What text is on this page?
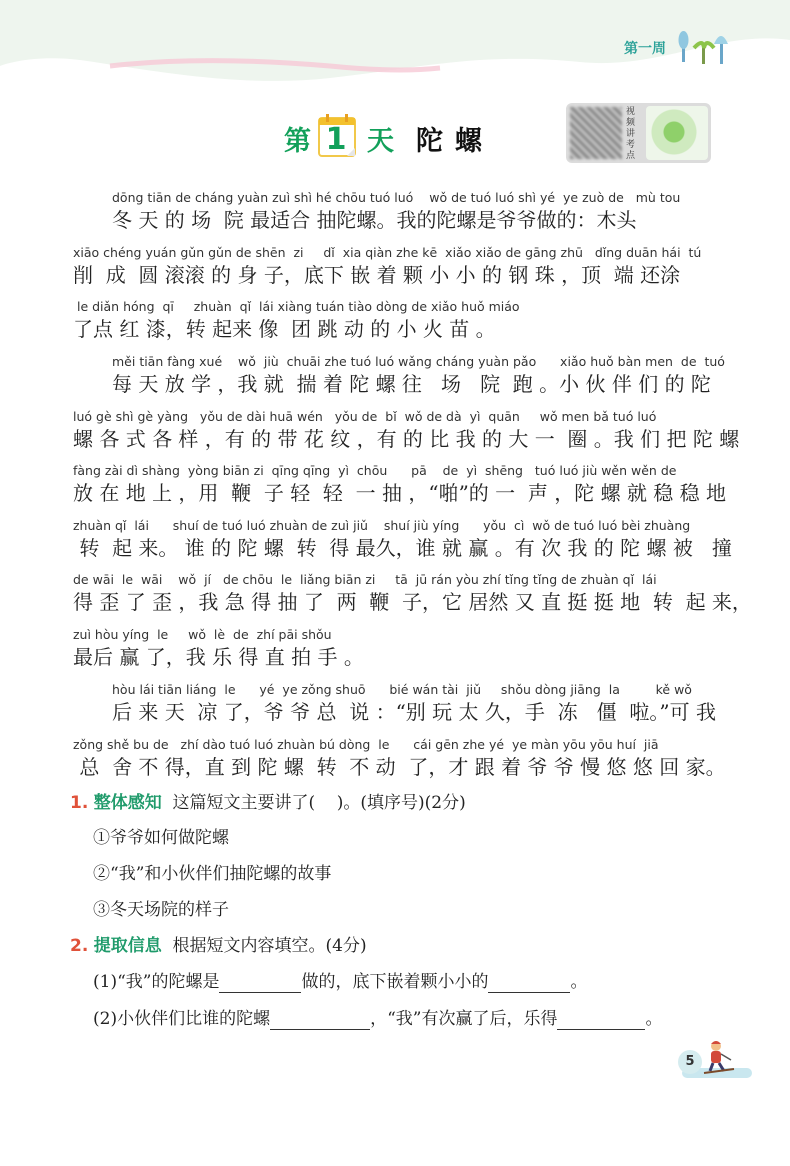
第一周
第 1 天 陀螺
视频讲考点
dōng tiān de cháng yuàn zuì shì hé chōu tuó luó    wǒ de tuó luó shì yé  ye zuò de   mù tou
冬 天 的 场  院 最适合 抽陀螺。我的陀螺是爷爷做的：木头
xiāo chéng yuán gǔn gǔn de shēn  zi     dǐ  xia qiàn zhe kē  xiǎo xiǎo de gāng zhū   dǐng duān hái  tú
削  成  圆 滚滚 的 身 子，底下 嵌 着 颗 小 小 的 钢 珠 ，顶  端 还涂
le diǎn hóng  qī     zhuàn  qǐ  lái xiàng tuán tiào dòng de xiǎo huǒ miáo
了点 红 漆，转 起来 像  团 跳 动 的 小 火 苗 。
měi tiān fàng xué    wǒ  jiù  chuāi zhe tuó luó wǎng cháng yuàn pǎo      xiǎo huǒ bàn men  de  tuó
每 天 放 学 ，我 就  揣 着 陀 螺 往   场   院  跑 。小 伙 伴 们 的 陀
luó gè shì gè yàng   yǒu de dài huā wén   yǒu de  bǐ  wǒ de dà  yì  quān     wǒ men bǎ tuó luó
螺 各 式 各 样 ，有 的 带 花 纹 ，有 的 比 我 的 大 一  圈 。我 们 把 陀 螺
fàng zài dì shàng  yòng biān zi  qīng qīng  yì  chōu      pā    de  yì  shēng   tuó luó jiù wěn wěn de
放 在 地 上 ，用  鞭  子 轻  轻  一 抽 ，“啪”的 一  声 ，陀 螺 就 稳 稳 地
zhuàn qǐ  lái      shuí de tuó luó zhuàn de zuì jiǔ    shuí jiù yíng      yǒu  cì  wǒ de tuó luó bèi zhuàng
转  起 来。 谁 的 陀 螺  转  得 最久，谁 就 赢 。有 次 我 的 陀 螺 被   撞
de wāi  le  wāi    wǒ  jí   de chōu  le  liǎng biān zi     tā  jū rán yòu zhí tǐng tǐng de zhuàn qǐ  lái
得 歪 了 歪 ，我 急 得 抽 了  两  鞭  子，它 居然 又 直 挺 挺 地  转  起 来，
zuì hòu yíng  le     wǒ  lè  de  zhí pāi shǒu
最后 赢 了，我 乐 得 直 拍 手 。
hòu lái tiān liáng  le      yé  ye zǒng shuō      bié wán tài  jiǔ     shǒu dòng jiāng  la         kě wǒ
后 来 天  凉 了，爷 爷 总  说 ：“别 玩 太 久，手  冻   僵  啦。”可 我
zǒng shě bu de   zhí dào tuó luó zhuàn bú dòng  le      cái gēn zhe yé  ye màn yōu yōu huí  jiā
总  舍 不 得，直 到 陀 螺  转  不 动  了，才 跟 着 爷 爷 慢 悠 悠 回 家。
1. 整体感知 这篇短文主要讲了(    )。(填序号)(2分)
①爷爷如何做陀螺
②“我”和小伙伴们抽陀螺的故事
③冬天场院的样子
2. 提取信息 根据短文内容填空。(4分)
(1)“我”的陀螺是	做的，底下嵌着颗小小的	。
(2)小伙伴们比谁的陀螺	，“我”有次赢了后，乐得	。
5
